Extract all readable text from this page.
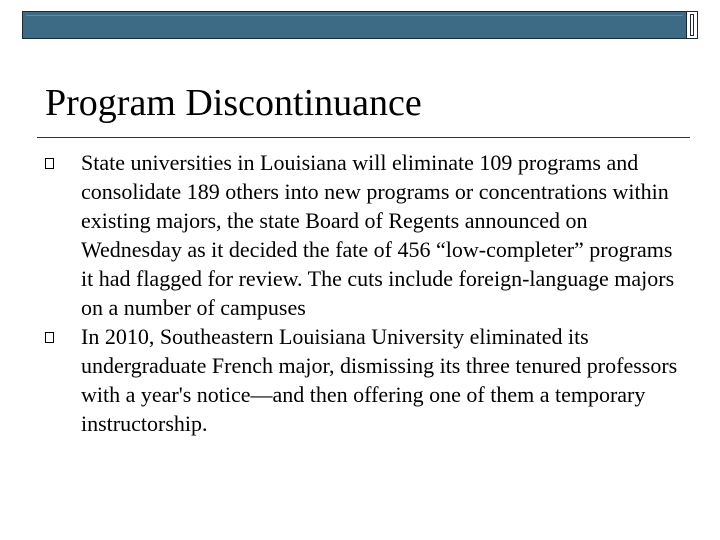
Program Discontinuance
State universities in Louisiana will eliminate 109 programs and consolidate 189 others into new programs or concentrations within existing majors, the state Board of Regents announced on Wednesday as it decided the fate of 456 “low-completer” programs it had flagged for review. The cuts include foreign-language majors on a number of campuses
In 2010, Southeastern Louisiana University eliminated its undergraduate French major, dismissing its three tenured professors with a year's notice—and then offering one of them a temporary instructorship.
